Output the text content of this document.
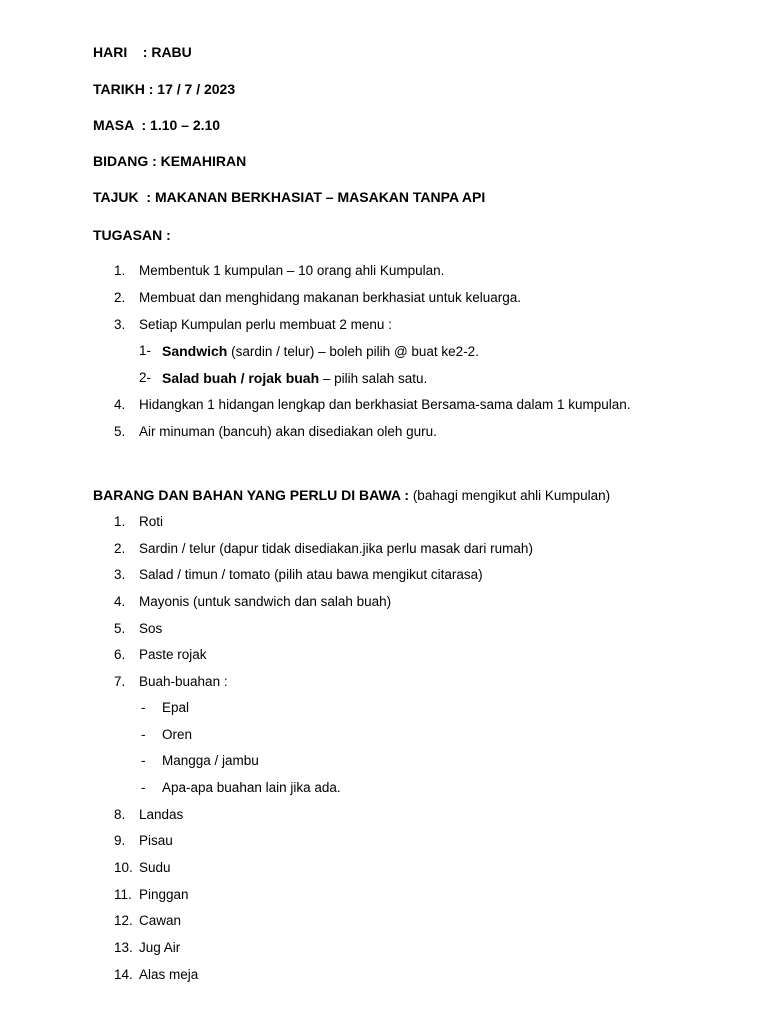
HARI    : RABU
TARIKH : 17 / 7 / 2023
MASA  : 1.10 – 2.10
BIDANG : KEMAHIRAN
TAJUK  : MAKANAN BERKHASIAT – MASAKAN TANPA API
TUGASAN :
1.	Membentuk 1 kumpulan – 10 orang ahli Kumpulan.
2.	Membuat dan menghidang makanan berkhasiat untuk keluarga.
3.	Setiap Kumpulan perlu membuat 2 menu :
1- Sandwich (sardin / telur) – boleh pilih @ buat ke2-2.
2- Salad buah / rojak buah – pilih salah satu.
4.	Hidangkan 1 hidangan lengkap dan berkhasiat Bersama-sama dalam 1 kumpulan.
5.	Air minuman (bancuh) akan disediakan oleh guru.
BARANG DAN BAHAN YANG PERLU DI BAWA : (bahagi mengikut ahli Kumpulan)
1.	Roti
2.	Sardin / telur (dapur tidak disediakan.jika perlu masak dari rumah)
3.	Salad / timun / tomato (pilih atau bawa mengikut citarasa)
4.	Mayonis (untuk sandwich dan salah buah)
5.	Sos
6.	Paste rojak
7.	Buah-buahan :
- Epal
- Oren
- Mangga / jambu
- Apa-apa buahan lain jika ada.
8.	Landas
9.	Pisau
10. Sudu
11. Pinggan
12. Cawan
13. Jug Air
14. Alas meja
